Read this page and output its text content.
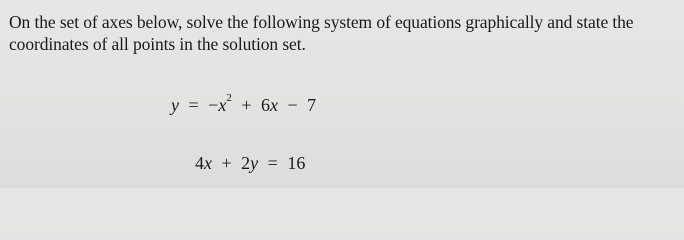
On the set of axes below, solve the following system of equations graphically and state the coordinates of all points in the solution set.
$y = -x^2 + 6x - 7$
4x + 2y = 16
